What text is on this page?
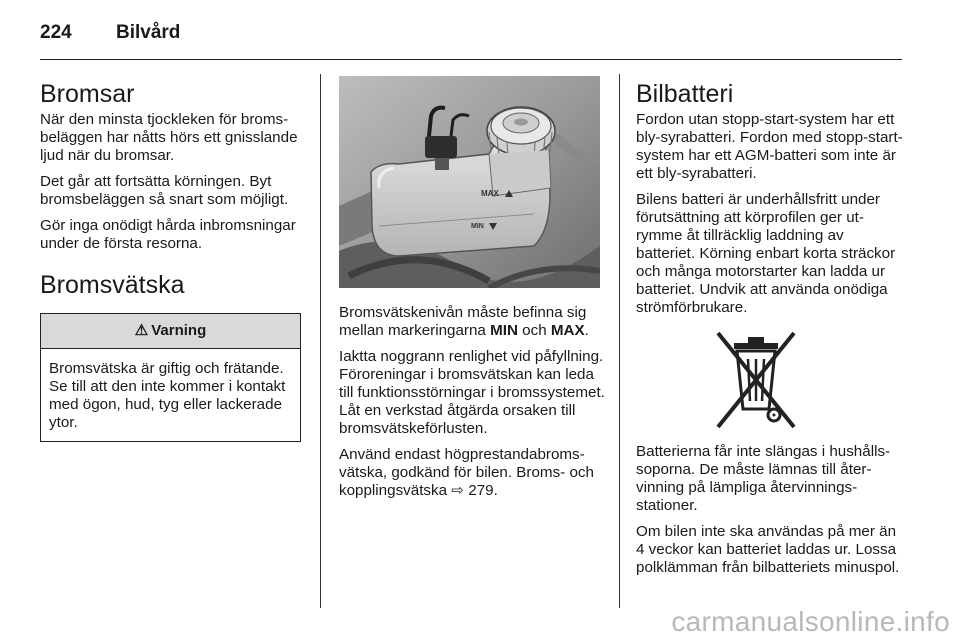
224 Bilvård
Bromsar

När den minsta tjockleken för bromsbeläggen har nåtts hörs ett gnisslande ljud när du bromsar.

Det går att fortsätta körningen. Byt bromsbeläggen så snart som möjligt.

Gör inga onödigt hårda inbromsningar under de första resorna.

Bromsvätska
⚠ Varning
Bromsvätska är giftig och frätande. Se till att den inte kommer i kontakt med ögon, hud, tyg eller lackerade ytor.
MAX
MIN

Bromsvätskenivån måste befinna sig mellan markeringarna MIN och MAX.

Iaktta noggrann renlighet vid påfyllning. Föroreningar i bromsvätskan kan leda till funktionsstörningar i bromssystemet. Låt en verkstad åtgärda orsaken till bromsvätskeförlusten.

Använd endast högprestandabromsvätska, godkänd för bilen. Broms- och kopplingsvätska ⇨ 279.

Bilbatteri

Fordon utan stopp-start-system har ett bly-syrabatteri. Fordon med stopp-start-system har ett AGM-batteri som inte är ett bly-syrabatteri.

Bilens batteri är underhållsfritt under förutsättning att körprofilen ger utrymme åt tillräcklig laddning av batteriet. Körning enbart korta sträckor och många motorstarter kan ladda ur batteriet. Undvik att använda onödiga strömförbrukare.

Batterierna får inte slängas i hushållssoporna. De måste lämnas till återvinning på lämpliga återvinningsstationer.

Om bilen inte ska användas på mer än 4 veckor kan batteriet laddas ur. Lossa polklämman från bilbatteriets minuspol.

carmanualsonline.info
